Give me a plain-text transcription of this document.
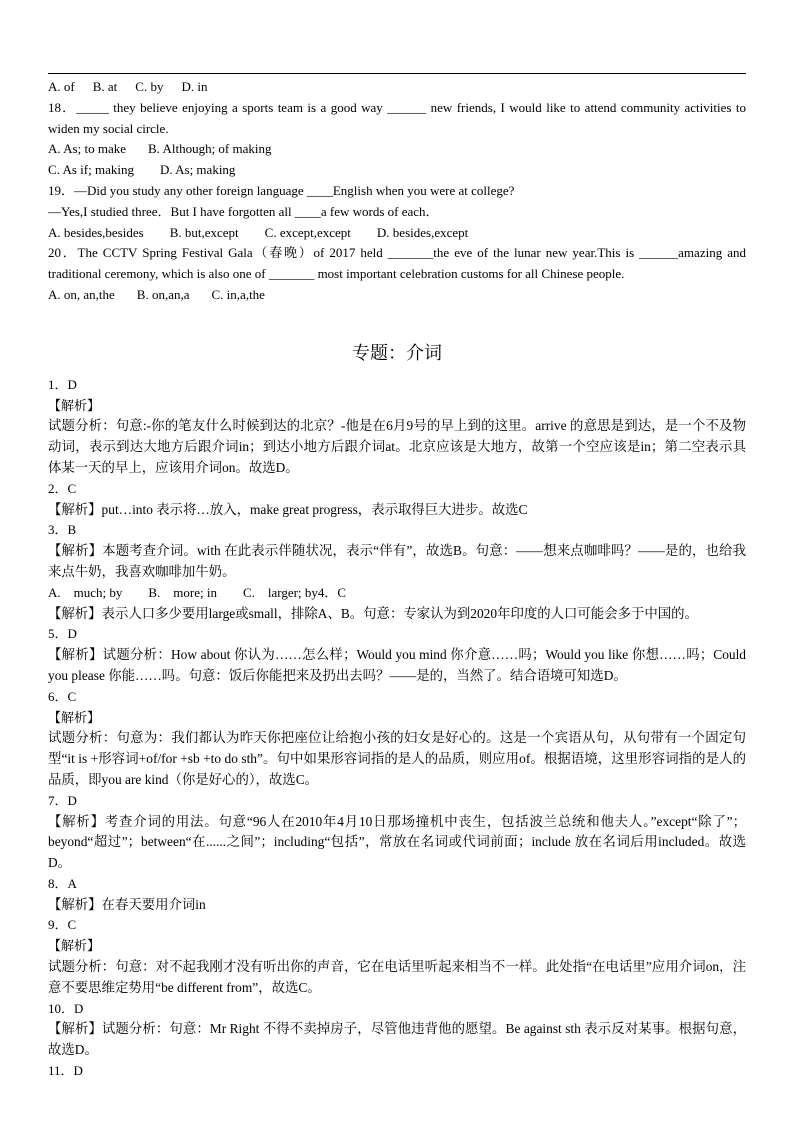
A. of B. at C. by D. in
18．_____ they believe enjoying a sports team is a good way ______ new friends, I would like to attend community activities to widen my social circle.
A. As; to make B. Although; of making
C. As if; making D. As; making
19．—Did you study any other foreign language ____English when you were at college?
—Yes,I studied three．But I have forgotten all ____a few words of each．
A. besides,besides B. but,except C. except,except D. besides,except
20．The CCTV Spring Festival Gala（春晚）of 2017 held _______the eve of the lunar new year.This is ______amazing and traditional ceremony, which is also one of _______ most important celebration customs for all Chinese people.
A. on, an,the B. on,an,a C. in,a,the
专题：介词
1．D
【解析】
试题分析：句意:-你的笔友什么时候到达的北京？-他是在6月9号的早上到的这里。arrive 的意思是到达，是一个不及物动词，表示到达大地方后跟介词in；到达小地方后跟介词at。北京应该是大地方，故第一个空应该是in；第二空表示具体某一天的早上，应该用介词on。故选D。
2．C
【解析】put…into 表示将…放入，make great progress，表示取得巨大进步。故选C
3．B
【解析】本题考查介词。with 在此表示伴随状况，表示“伴有”，故选B。句意：——想来点咖啡吗？——是的，也给我来点牛奶，我喜欢咖啡加牛奶。
A.　much; by　　B.　more; in　　C.　larger; by4．C
【解析】表示人口多少要用large或small，排除A、B。句意：专家认为到2020年印度的人口可能会多于中国的。
5．D
【解析】试题分析：How about 你认为……怎么样；Would you mind 你介意……吗；Would you like 你想……吗；Could you please 你能……吗。句意：饭后你能把来及扔出去吗？——是的，当然了。结合语境可知选D。
6．C
【解析】
试题分析：句意为：我们都认为昨天你把座位让给抱小孩的妇女是好心的。这是一个宾语从句，从句带有一个固定句型“it is +形容词+of/for +sb +to do sth”。句中如果形容词指的是人的品质，则应用of。根据语境，这里形容词指的是人的品质，即you are kind（你是好心的），故选C。
7．D
【解析】考查介词的用法。句意“96人在2010年4月10日那场撞机中丧生，包括波兰总统和他夫人。”except“除了”；beyond“超过”；between“在......之间”；including“包括”，常放在名词或代词前面；include 放在名词后用included。故选D。
8．A
【解析】在春天要用介词in
9．C
【解析】
试题分析：句意：对不起我刚才没有听出你的声音，它在电话里听起来相当不一样。此处指“在电话里”应用介词on，注意不要思维定势用“be different from”，故选C。
10．D
【解析】试题分析：句意：Mr Right 不得不卖掉房子，尽管他违背他的愿望。Be against sth 表示反对某事。根据句意，故选D。
11．D
